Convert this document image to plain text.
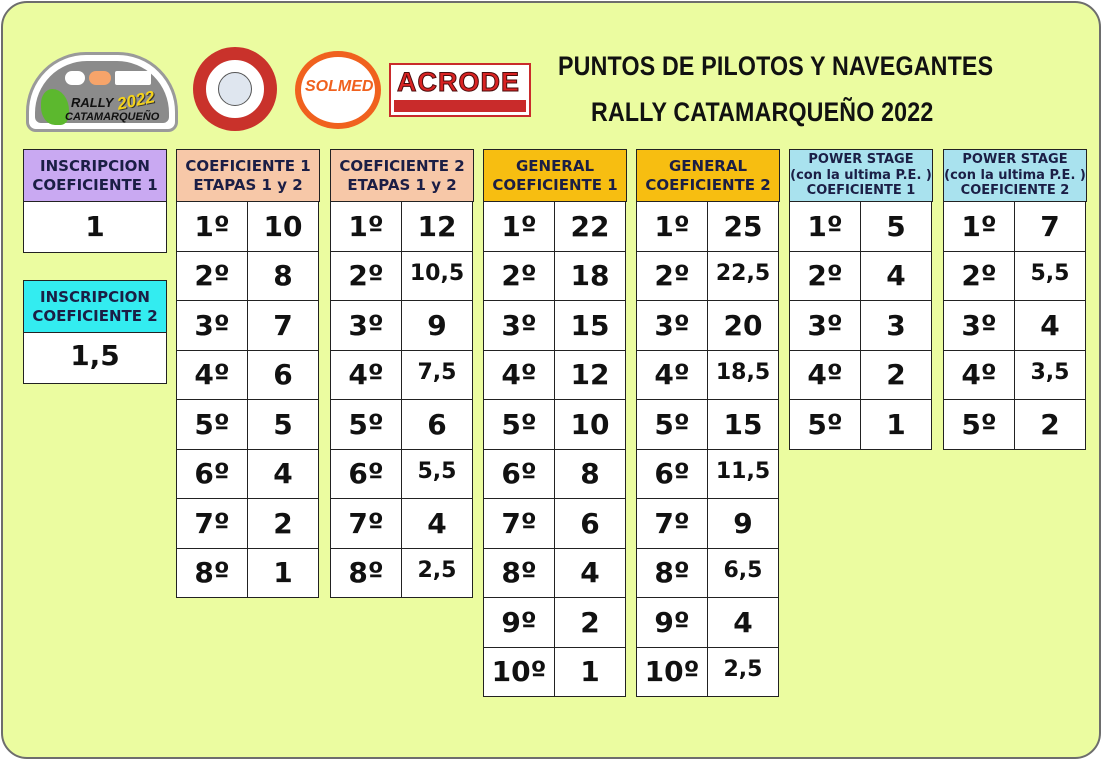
RALLY
CATAMARQUEÑO
2022
SOLMED ACRODE
PUNTOS DE PILOTOS Y NAVEGANTES
RALLY CATAMARQUEÑO 2022
INSCRIPCION
COEFICIENTE 1
1
INSCRIPCION
COEFICIENTE 2
1,5
COEFICIENTE 1
ETAPAS 1 y 2
1º	10
2º	8
3º	7
4º	6
5º	5
6º	4
7º	2
8º	1
COEFICIENTE 2
ETAPAS 1 y 2
1º	12
2º	10,5
3º	9
4º	7,5
5º	6
6º	5,5
7º	4
8º	2,5
GENERAL
COEFICIENTE 1
1º	22
2º	18
3º	15
4º	12
5º	10
6º	8
7º	6
8º	4
9º	2
10º	1
GENERAL
COEFICIENTE 2
1º	25
2º	22,5
3º	20
4º	18,5
5º	15
6º	11,5
7º	9
8º	6,5
9º	4
10º	2,5
POWER STAGE
(con la ultima P.E. )
COEFICIENTE 1
1º	5
2º	4
3º	3
4º	2
5º	1
POWER STAGE
(con la ultima P.E. )
COEFICIENTE 2
1º	7
2º	5,5
3º	4
4º	3,5
5º	2
